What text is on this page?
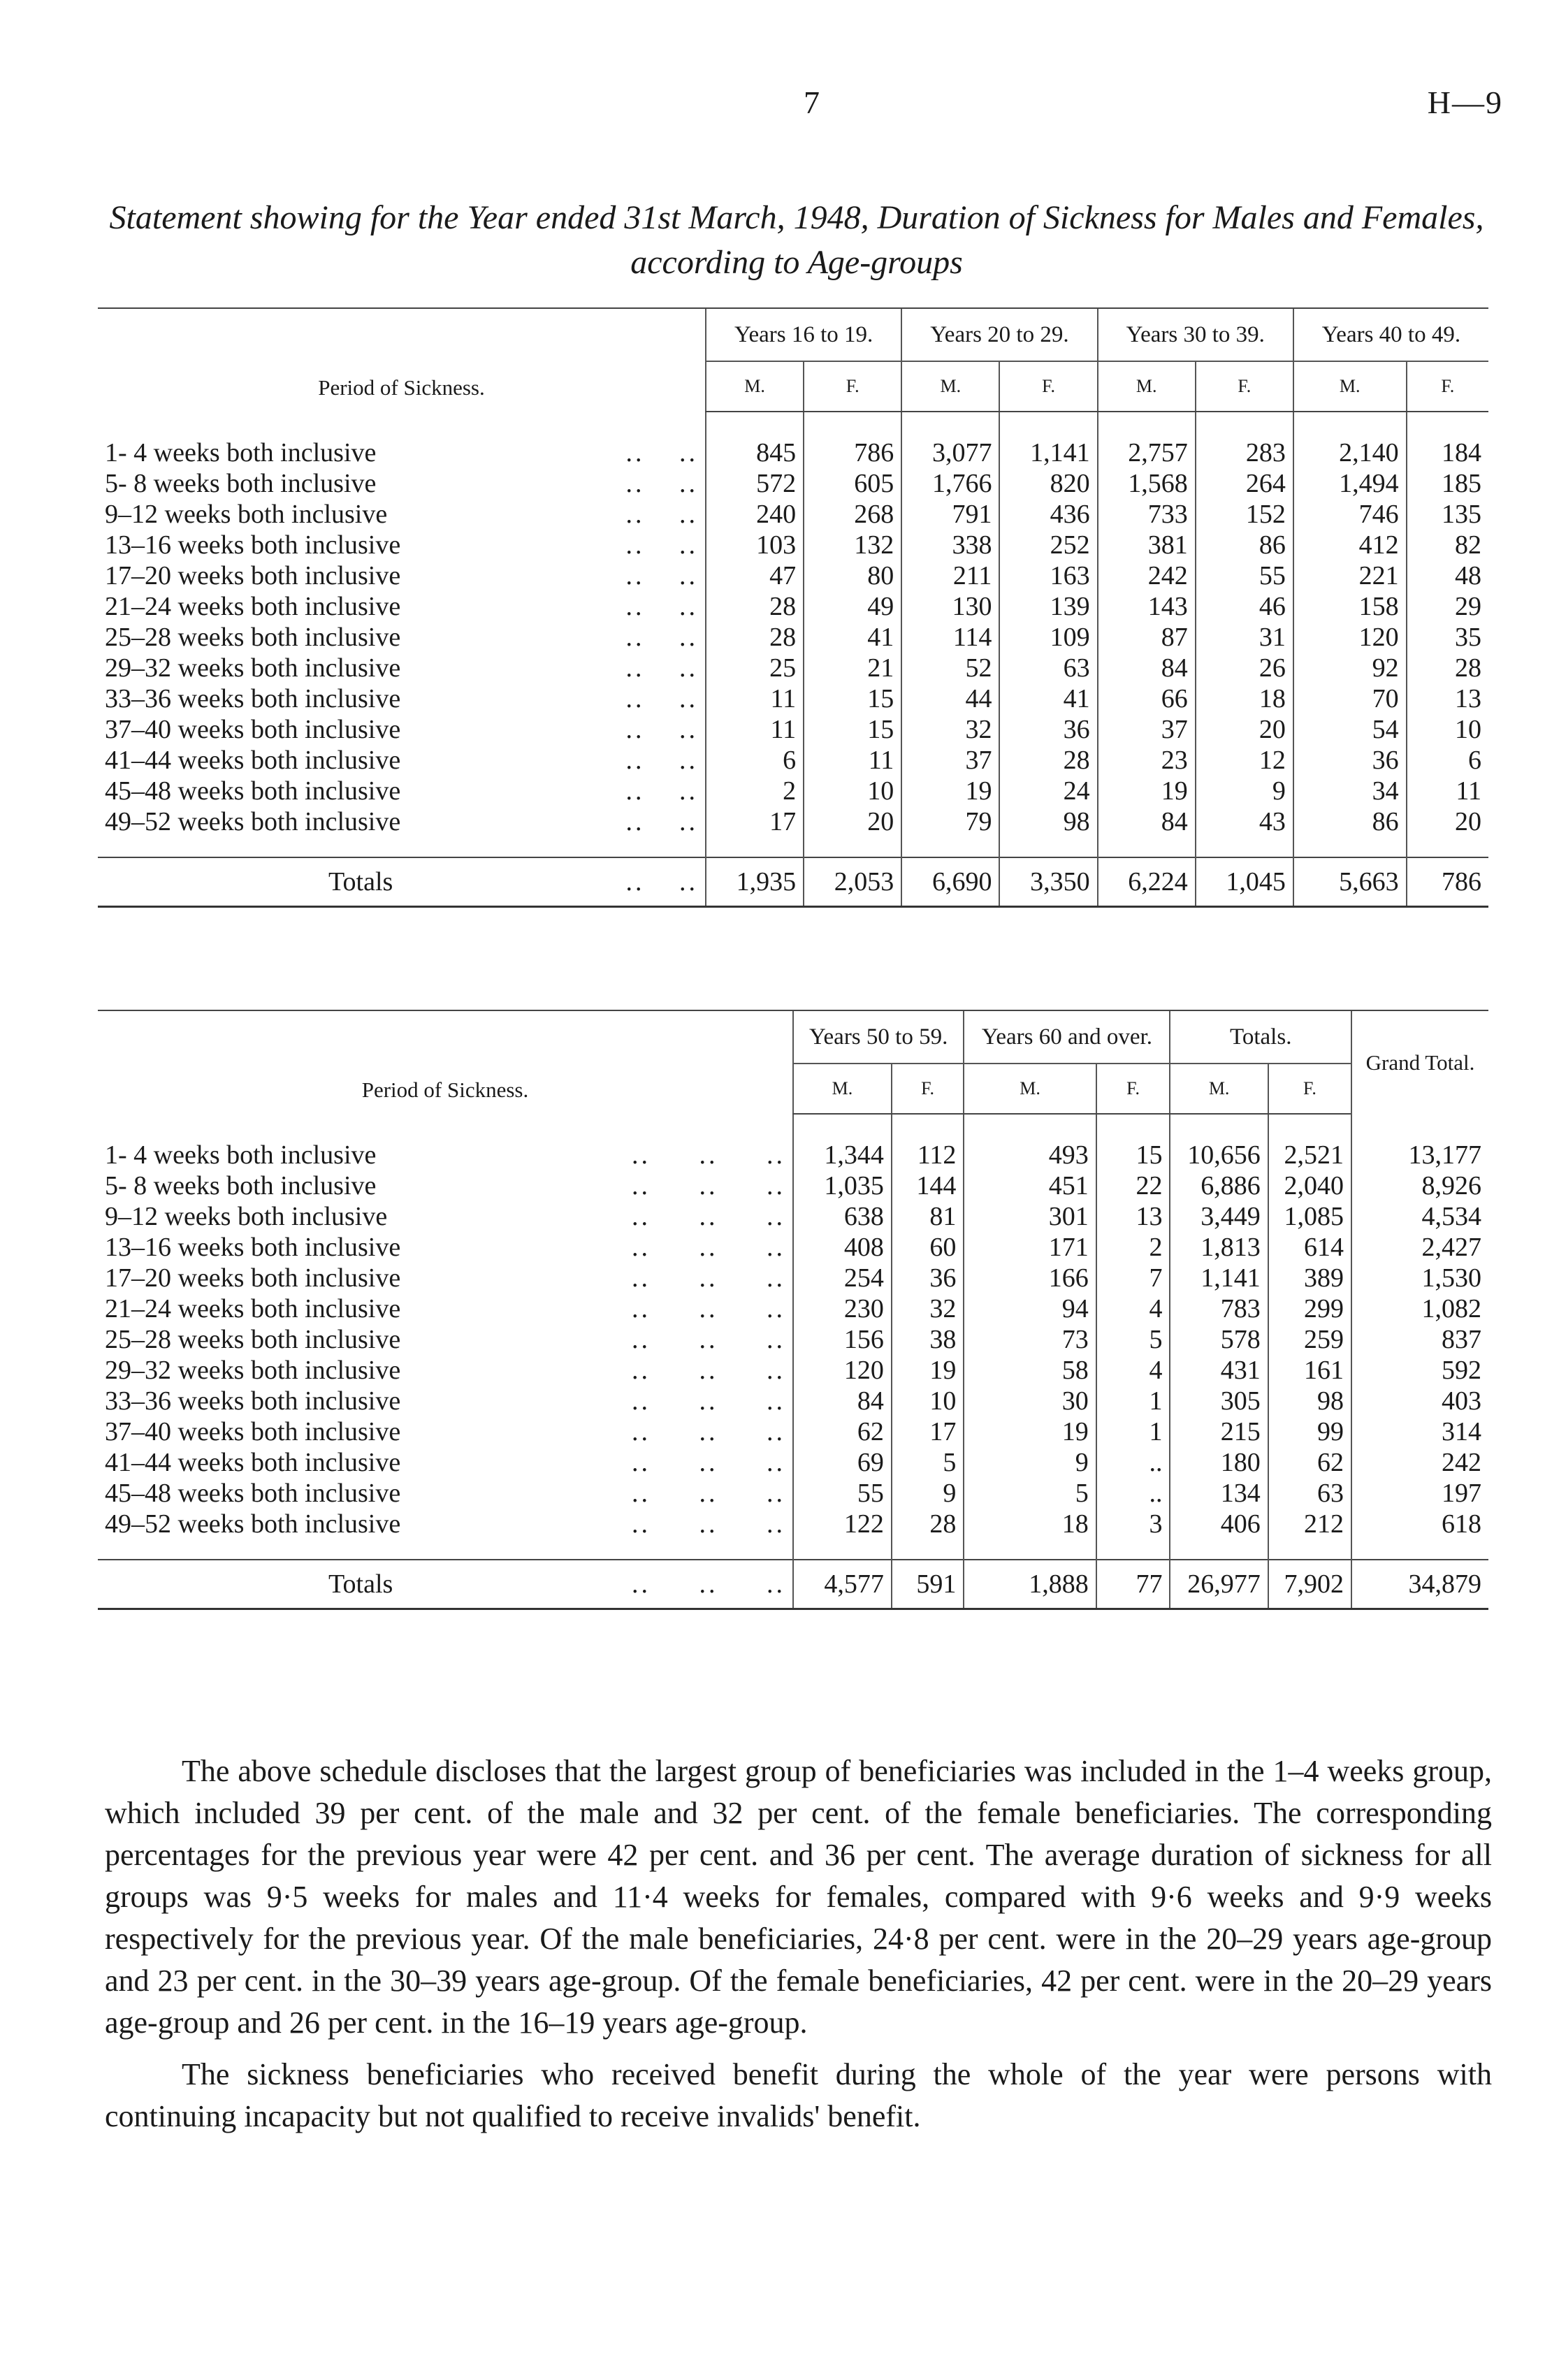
7	H—9
Statement showing for the Year ended 31st March, 1948, Duration of Sickness for Males and Females, according to Age-groups
Period of Sickness.	Years 16 to 19.		Years 20 to 29.		Years 30 to 39.		Years 40 to 49.	
	M.	F.	M.	F.	M.	F.	M.	F.
1- 4 weeks both inclusive .. ..	845	786	3,077	1,141	2,757	283	2,140	184
5- 8 weeks both inclusive .. ..	572	605	1,766	820	1,568	264	1,494	185
9–12 weeks both inclusive .. ..	240	268	791	436	733	152	746	135
13–16 weeks both inclusive .. ..	103	132	338	252	381	86	412	82
17–20 weeks both inclusive .. ..	47	80	211	163	242	55	221	48
21–24 weeks both inclusive .. ..	28	49	130	139	143	46	158	29
25–28 weeks both inclusive .. ..	28	41	114	109	87	31	120	35
29–32 weeks both inclusive .. ..	25	21	52	63	84	26	92	28
33–36 weeks both inclusive .. ..	11	15	44	41	66	18	70	13
37–40 weeks both inclusive .. ..	11	15	32	36	37	20	54	10
41–44 weeks both inclusive .. ..	6	11	37	28	23	12	36	6
45–48 weeks both inclusive .. ..	2	10	19	24	19	9	34	11
49–52 weeks both inclusive .. ..	17	20	79	98	84	43	86	20
Totals .. ..	1,935	2,053	6,690	3,350	6,224	1,045	5,663	786

Period of Sickness.	Years 50 to 59.		Years 60 and over.		Totals.		Grand Total.
	M.	F.	M.	F.	M.	F.	
1- 4 weeks both inclusive .. .. ..	1,344	112	493	15	10,656	2,521	13,177
5- 8 weeks both inclusive .. .. ..	1,035	144	451	22	6,886	2,040	8,926
9–12 weeks both inclusive .. .. ..	638	81	301	13	3,449	1,085	4,534
13–16 weeks both inclusive .. .. ..	408	60	171	2	1,813	614	2,427
17–20 weeks both inclusive .. .. ..	254	36	166	7	1,141	389	1,530
21–24 weeks both inclusive .. .. ..	230	32	94	4	783	299	1,082
25–28 weeks both inclusive .. .. ..	156	38	73	5	578	259	837
29–32 weeks both inclusive .. .. ..	120	19	58	4	431	161	592
33–36 weeks both inclusive .. .. ..	84	10	30	1	305	98	403
37–40 weeks both inclusive .. .. ..	62	17	19	1	215	99	314
41–44 weeks both inclusive .. .. ..	69	5	9	..	180	62	242
45–48 weeks both inclusive .. .. ..	55	9	5	..	134	63	197
49–52 weeks both inclusive .. .. ..	122	28	18	3	406	212	618
Totals .. .. ..	4,577	591	1,888	77	26,977	7,902	34,879

The above schedule discloses that the largest group of beneficiaries was included in the 1–4 weeks group, which included 39 per cent. of the male and 32 per cent. of the female beneficiaries. The corresponding percentages for the previous year were 42 per cent. and 36 per cent. The average duration of sickness for all groups was 9·5 weeks for males and 11·4 weeks for females, compared with 9·6 weeks and 9·9 weeks respectively for the previous year. Of the male beneficiaries, 24·8 per cent. were in the 20–29 years age-group and 23 per cent. in the 30–39 years age-group. Of the female beneficiaries, 42 per cent. were in the 20–29 years age-group and 26 per cent. in the 16–19 years age-group.

The sickness beneficiaries who received benefit during the whole of the year were persons with continuing incapacity but not qualified to receive invalids' benefit.
